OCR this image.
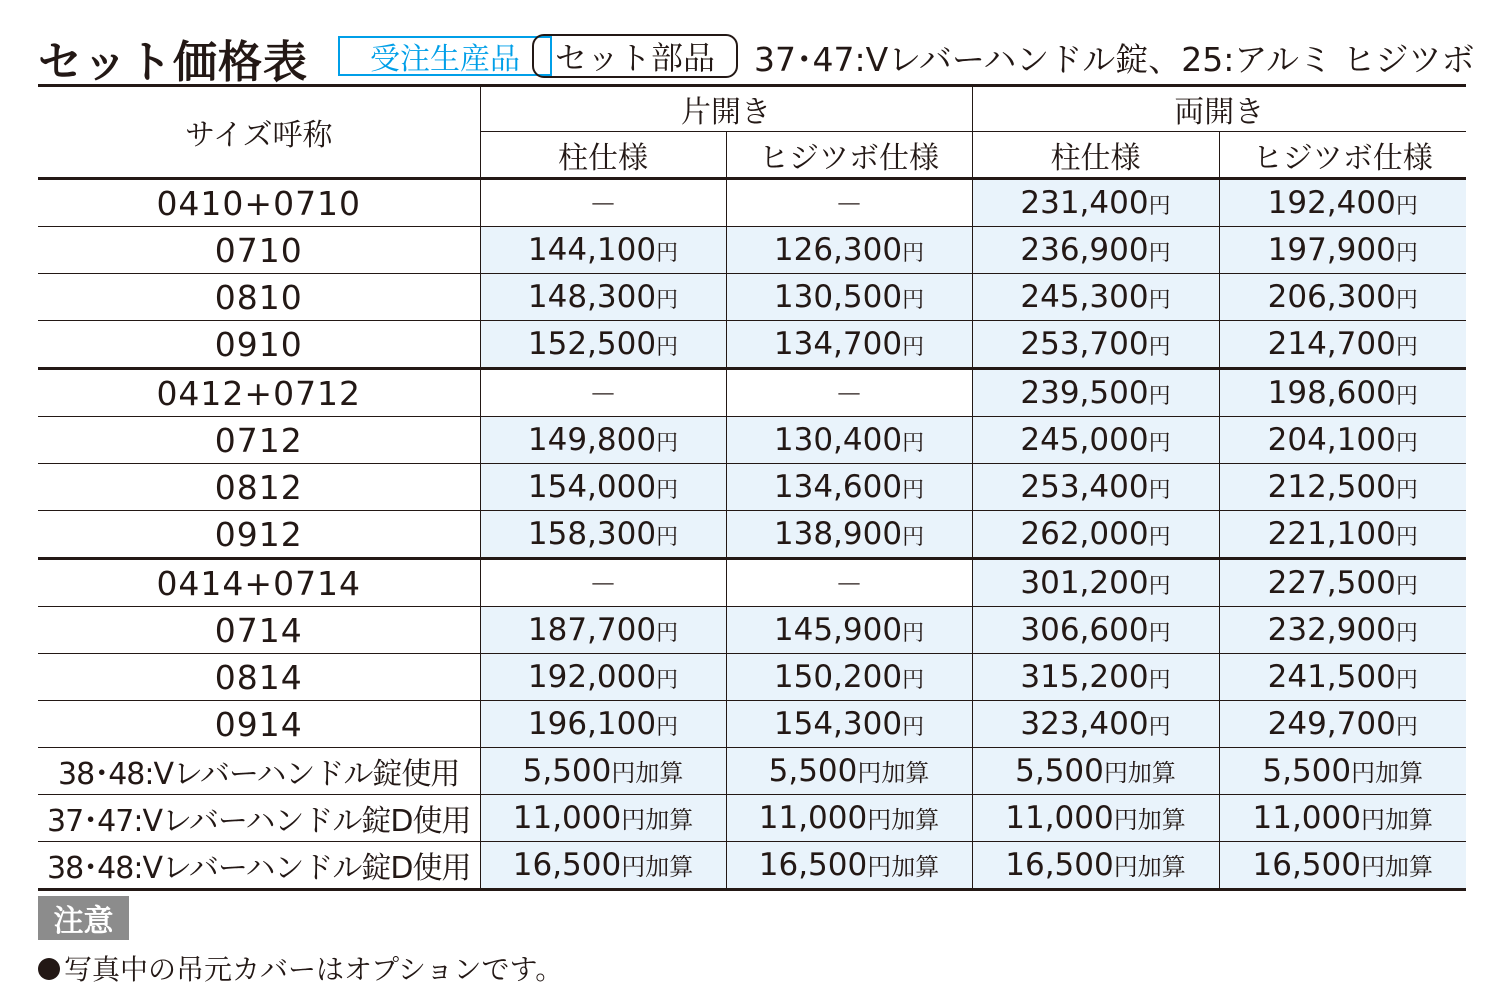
セット価格表	受注生産品	セット部品	37･47:Vレバーハンドル錠、25:アルミ ヒジツボ
サイズ呼称	片開き		両開き	
	柱仕様	ヒジツボ仕様	柱仕様	ヒジツボ仕様
0410+0710	－	－	231,400円	192,400円
0710	144,100円	126,300円	236,900円	197,900円
0810	148,300円	130,500円	245,300円	206,300円
0910	152,500円	134,700円	253,700円	214,700円
0412+0712	－	－	239,500円	198,600円
0712	149,800円	130,400円	245,000円	204,100円
0812	154,000円	134,600円	253,400円	212,500円
0912	158,300円	138,900円	262,000円	221,100円
0414+0714	－	－	301,200円	227,500円
0714	187,700円	145,900円	306,600円	232,900円
0814	192,000円	150,200円	315,200円	241,500円
0914	196,100円	154,300円	323,400円	249,700円
38･48:Vレバーハンドル錠使用	5,500円加算	5,500円加算	5,500円加算	5,500円加算
37･47:Vレバーハンドル錠D使用	11,000円加算	11,000円加算	11,000円加算	11,000円加算
38･48:Vレバーハンドル錠D使用	16,500円加算	16,500円加算	16,500円加算	16,500円加算
注意
写真中の吊元カバーはオプションです。
